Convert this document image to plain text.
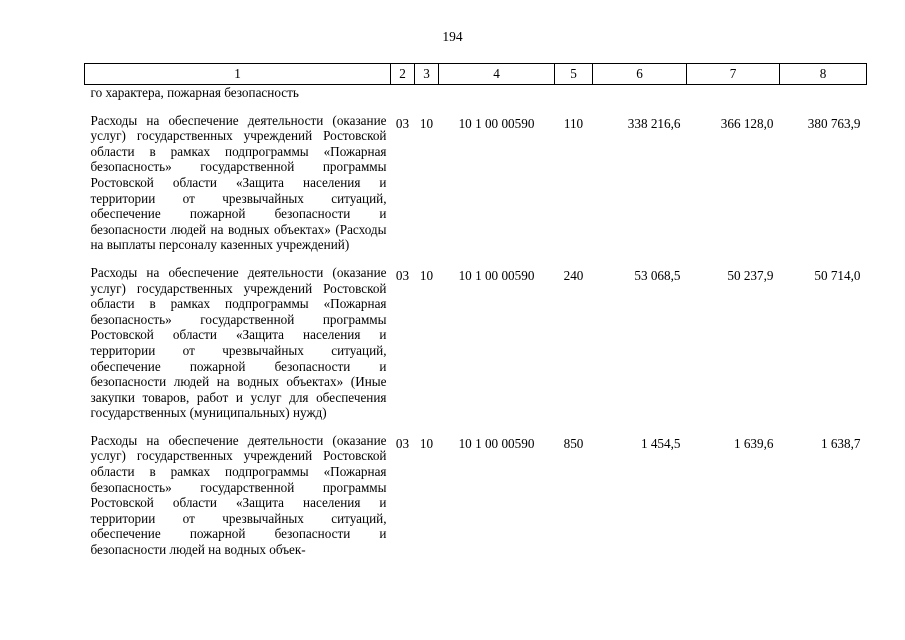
194
1	2	3	4	5	6	7	8
го характера, пожарная безопасность							
Расходы на обеспечение деятельности (оказание услуг) государственных учреждений Ростовской области в рамках подпрограммы «Пожарная безопасность» государственной программы Ростовской области «Защита населения и территории от чрезвычайных ситуаций, обеспечение пожарной безопасности и безопасности людей на водных объектах» (Расходы на выплаты персоналу казенных учреждений)	03	10	10 1 00 00590	110	338 216,6	366 128,0	380 763,9
Расходы на обеспечение деятельности (оказание услуг) государственных учреждений Ростовской области в рамках подпрограммы «Пожарная безопасность» государственной программы Ростовской области «Защита населения и территории от чрезвычайных ситуаций, обеспечение пожарной безопасности и безопасности людей на водных объектах» (Иные закупки товаров, работ и услуг для обеспечения государственных (муниципальных) нужд)	03	10	10 1 00 00590	240	53 068,5	50 237,9	50 714,0
Расходы на обеспечение деятельности (оказание услуг) государственных учреждений Ростовской области в рамках подпрограммы «Пожарная безопасность» государственной программы Ростовской области «Защита населения и территории от чрезвычайных ситуаций, обеспечение пожарной безопасности и безопасности людей на водных объек-	03	10	10 1 00 00590	850	1 454,5	1 639,6	1 638,7
